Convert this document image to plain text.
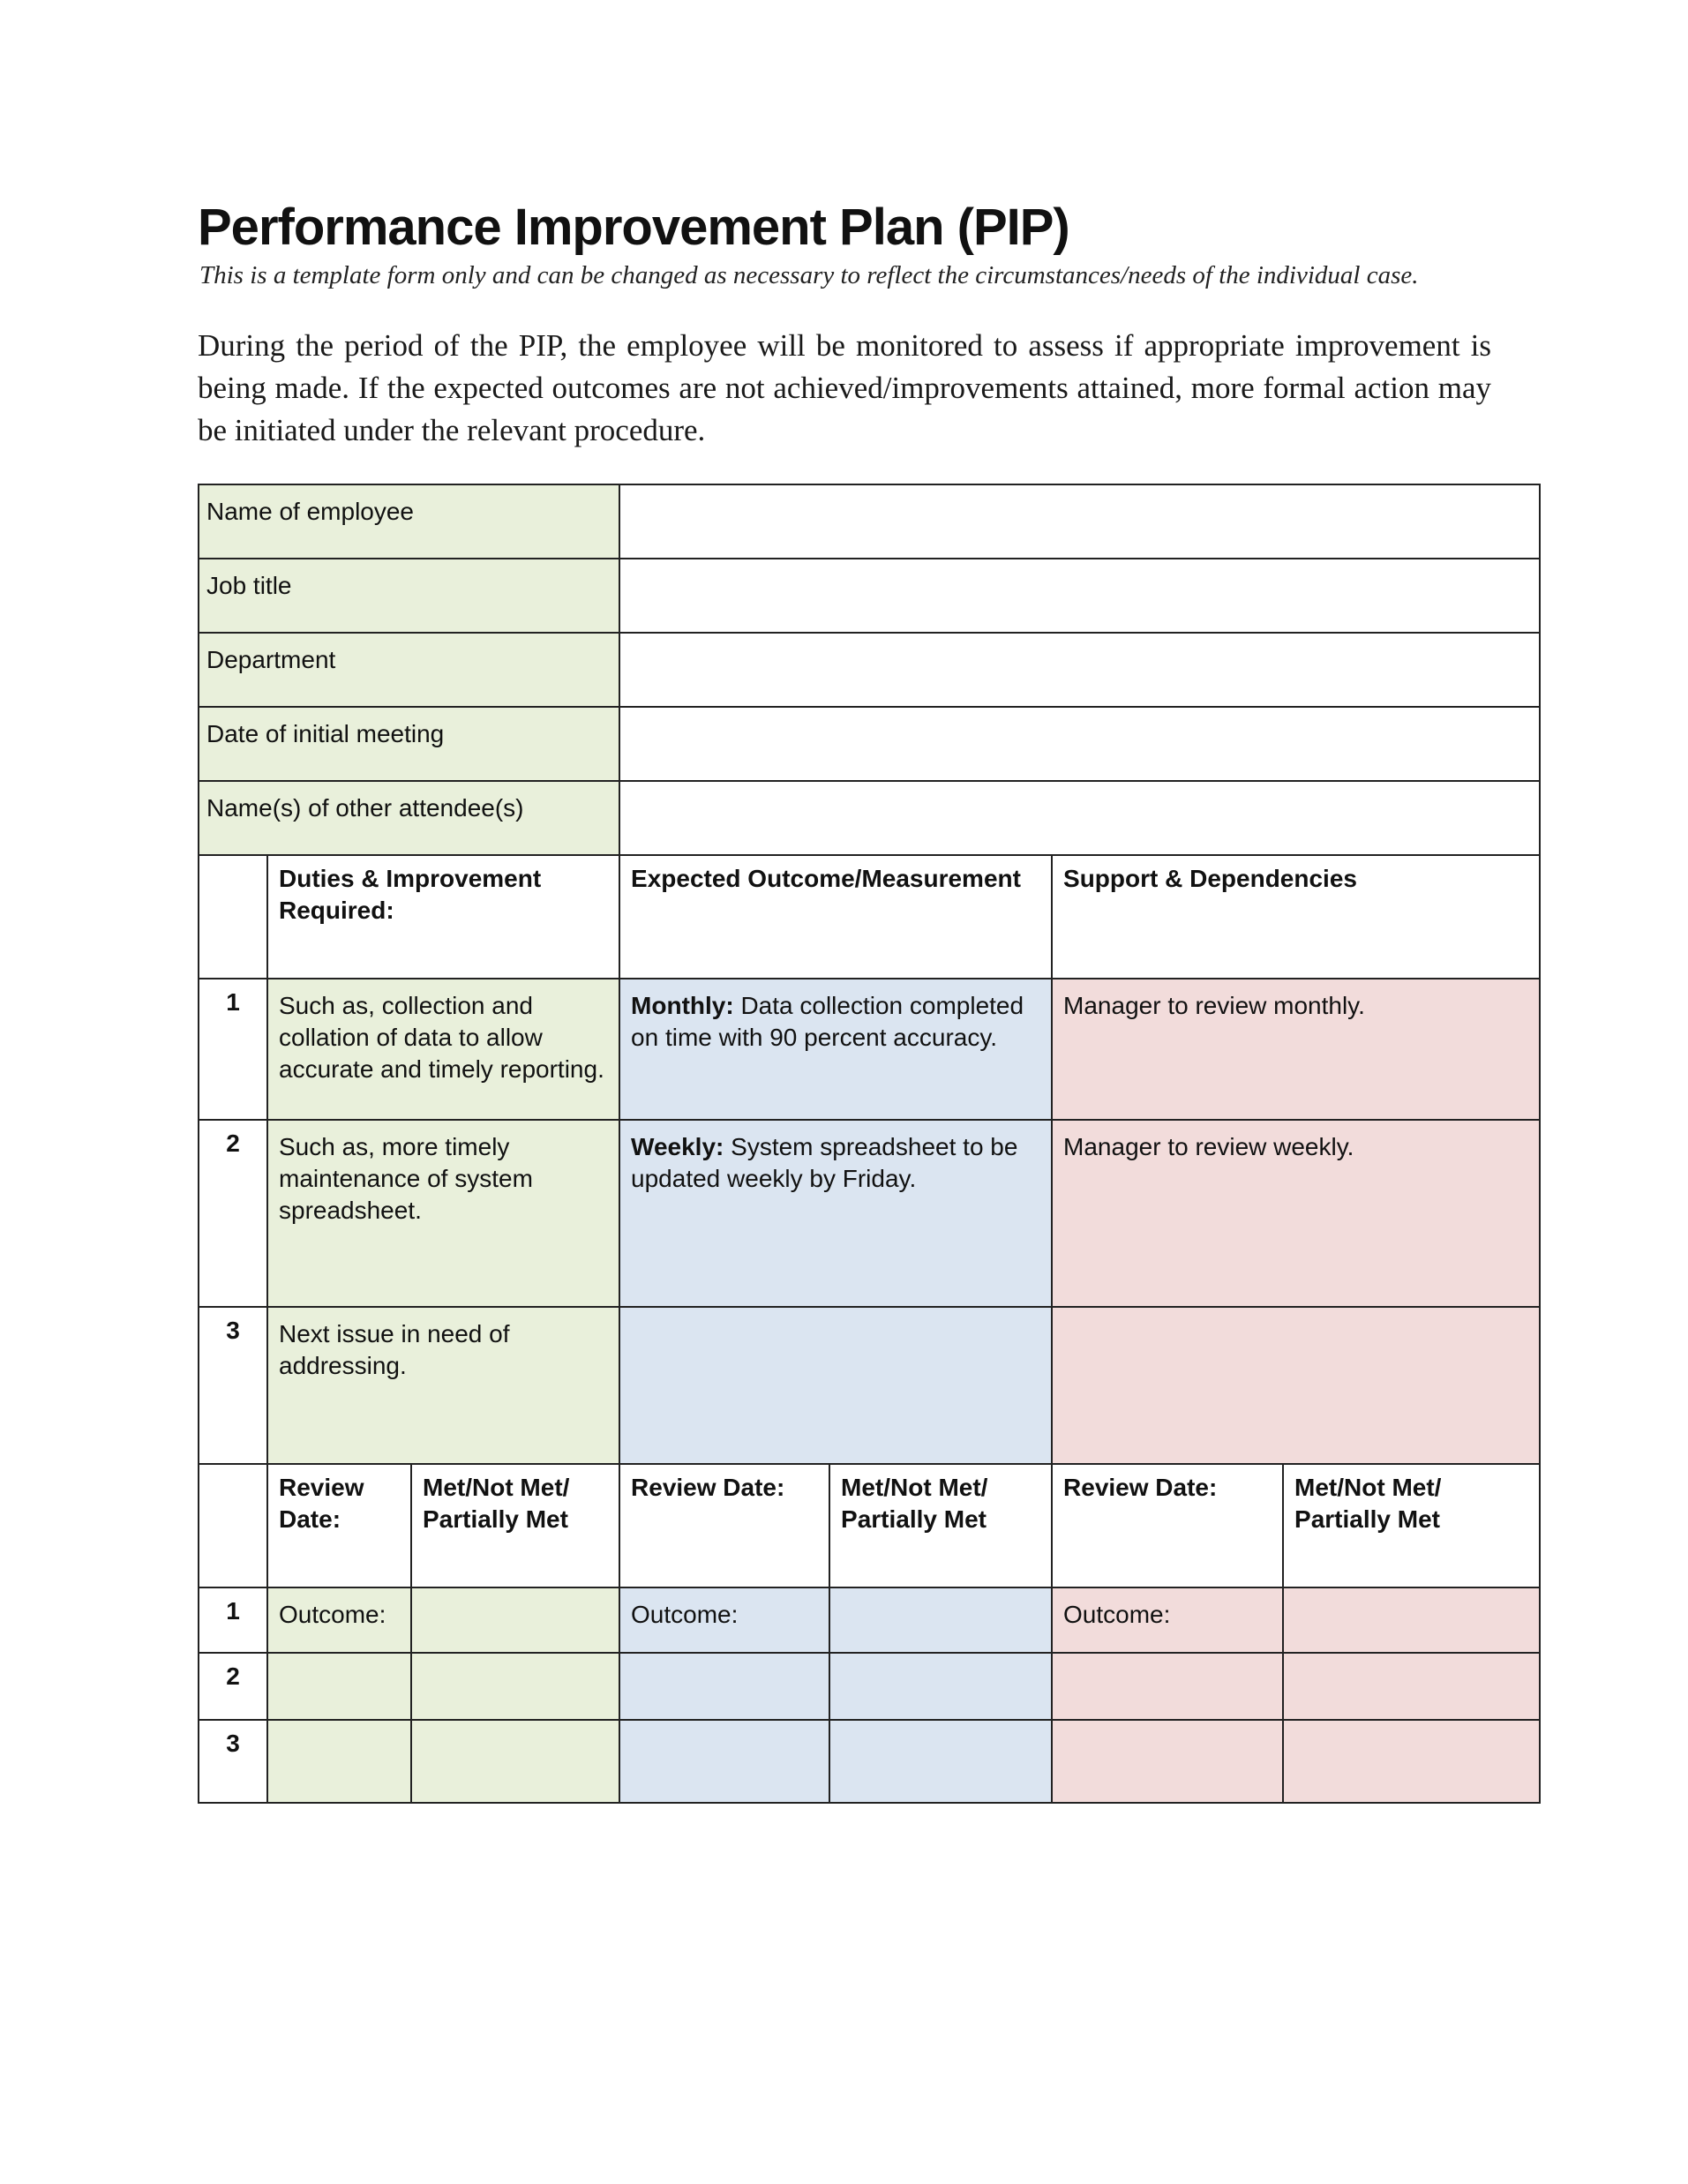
Performance Improvement Plan (PIP)
This is a template form only and can be changed as necessary to reflect the circumstances/needs of the individual case.

During the period of the PIP, the employee will be monitored to assess if appropriate improvement is being made. If the expected outcomes are not achieved/improvements attained, more formal action may be initiated under the relevant procedure.

Name of employee						
Job title						
Department						
Date of initial meeting						
Name(s) of other attendee(s)						
	Duties & Improvement Required:		Expected Outcome/Measurement		Support & Dependencies	
1	Such as, collection and collation of data to allow accurate and timely reporting.		Monthly: Data collection completed on time with 90 percent accuracy.		Manager to review monthly.	
2	Such as, more timely maintenance of system spreadsheet.		Weekly: System spreadsheet to be updated weekly by Friday.		Manager to review weekly.	
3	Next issue in need of addressing.					
	Review Date:	Met/Not Met/ Partially Met	Review Date:	Met/Not Met/ Partially Met	Review Date:	Met/Not Met/ Partially Met
1	Outcome:		Outcome:		Outcome:	
2						
3						
